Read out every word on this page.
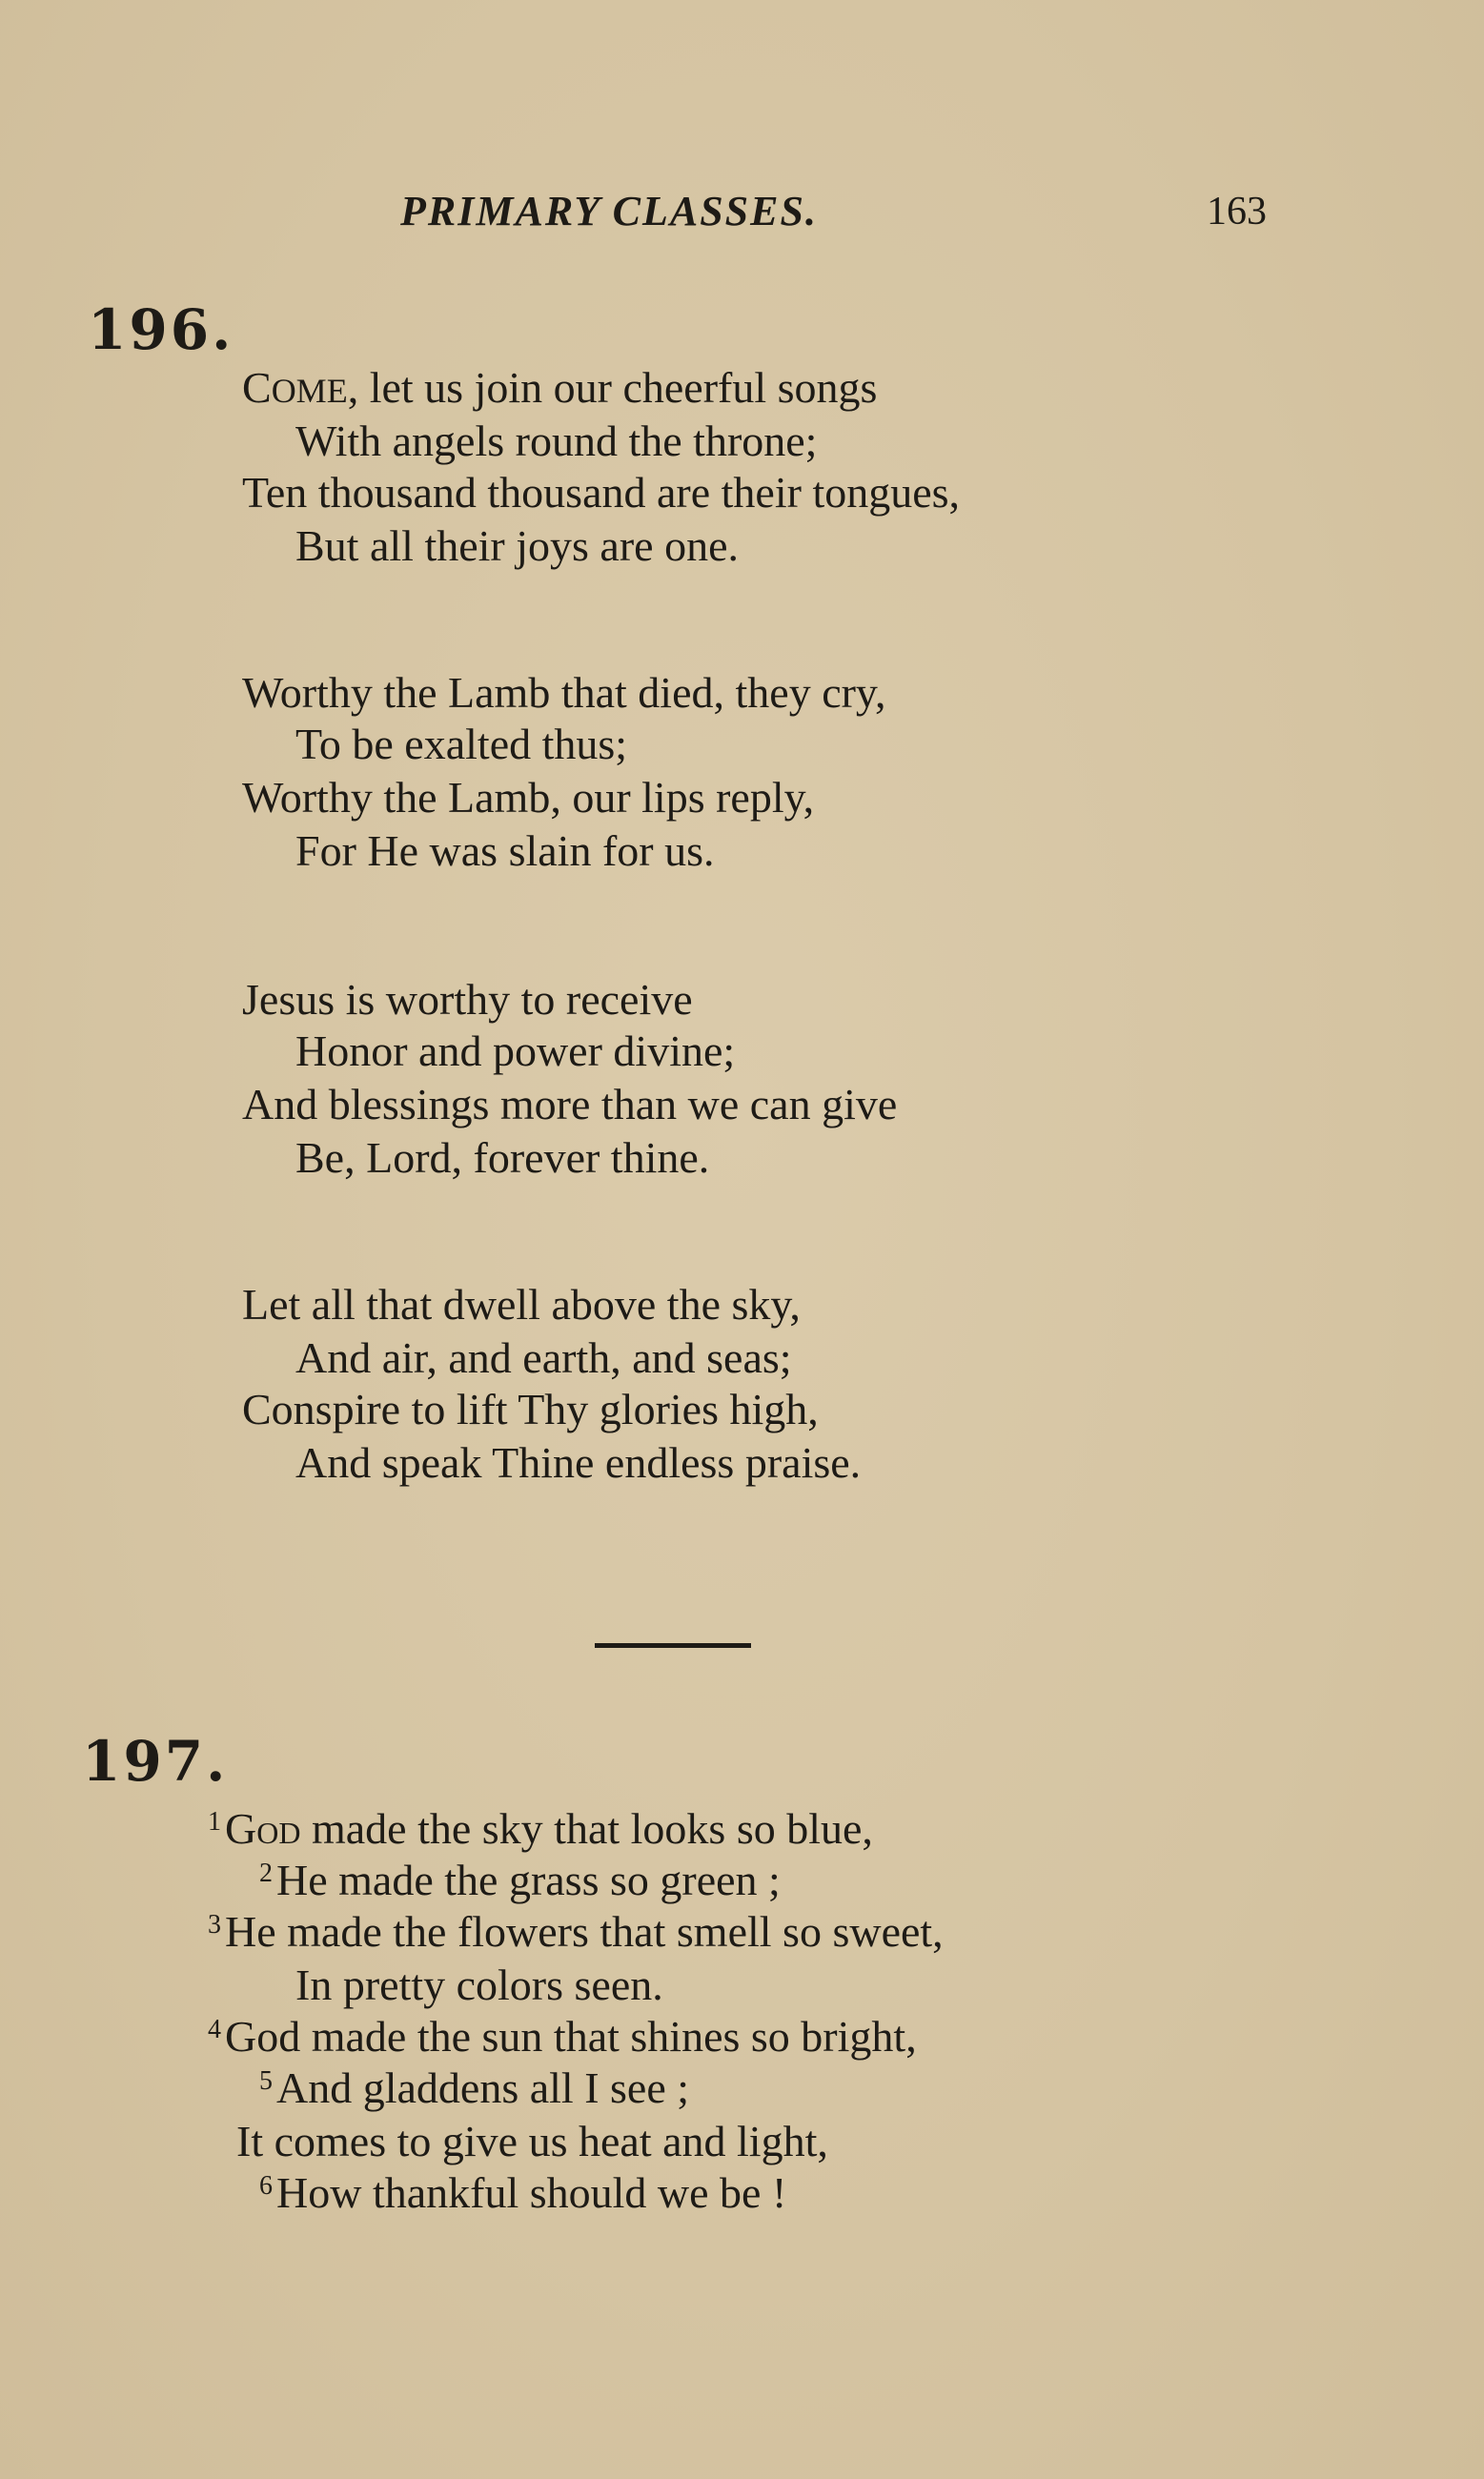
PRIMARY CLASSES.	163
196.
COME, let us join our cheerful songs
With angels round the throne;
Ten thousand thousand are their tongues,
But all their joys are one.
Worthy the Lamb that died, they cry,
To be exalted thus;
Worthy the Lamb, our lips reply,
For He was slain for us.
Jesus is worthy to receive
Honor and power divine;
And blessings more than we can give
Be, Lord, forever thine.
Let all that dwell above the sky,
And air, and earth, and seas;
Conspire to lift Thy glories high,
And speak Thine endless praise.
197.
$^1$God made the sky that looks so blue,
$^2$He made the grass so green ;
$^3$He made the flowers that smell so sweet,
In pretty colors seen.
$^4$God made the sun that shines so bright,
$^5$And gladdens all I see ;
It comes to give us heat and light,
$^6$How thankful should we be !
